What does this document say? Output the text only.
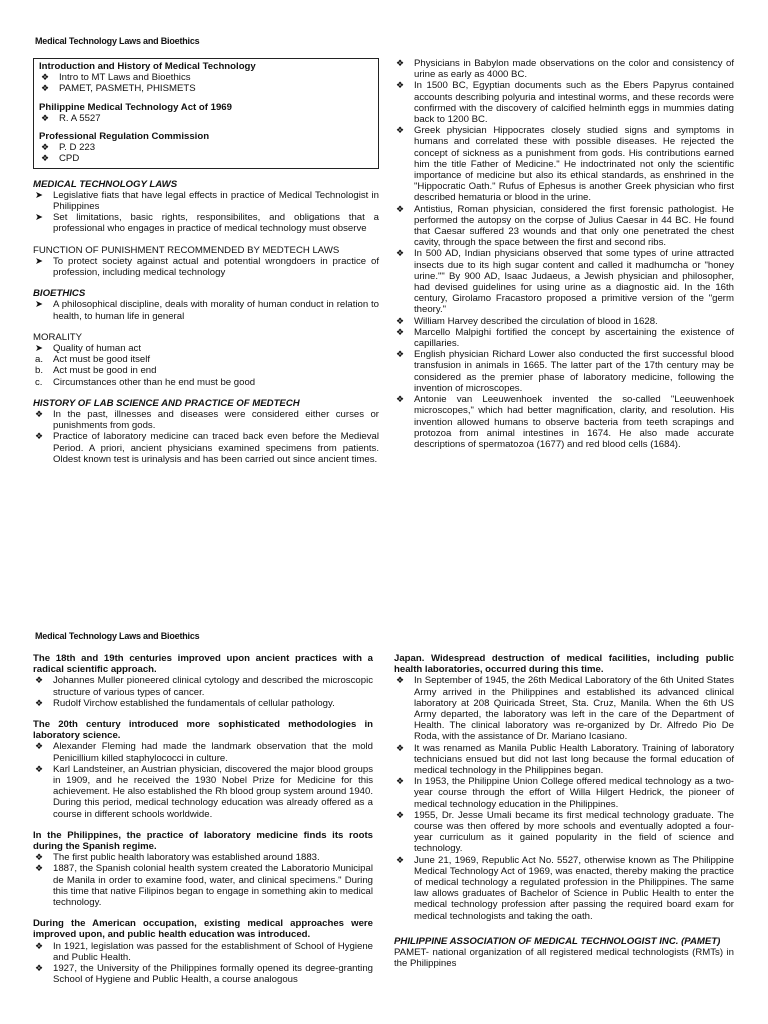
Medical Technology Laws and Bioethics
Introduction and History of Medical Technology
❖	Intro to MT Laws and Bioethics
❖	PAMET, PASMETH, PHISMETS
Philippine Medical Technology Act of 1969
❖	R. A 5527
Professional Regulation Commission
❖	P. D 223
❖	CPD
MEDICAL TECHNOLOGY LAWS
➤	Legislative fiats that have legal effects in practice of Medical Technologist in Philippines
➤	Set limitations, basic rights, responsibilites, and obligations that a professional who engages in practice of medical technology must observe
FUNCTION OF PUNISHMENT RECOMMENDED BY MEDTECH LAWS
➤	To protect society against actual and potential wrongdoers in practice of profession, including medical technology
BIOETHICS
➤	A philosophical discipline, deals with morality of human conduct in relation to health, to human life in general
MORALITY
➤	Quality of human act
a.	Act must be good itself
b.	Act must be good in end
c.	Circumstances other than he end must be good
HISTORY OF LAB SCIENCE AND PRACTICE OF MEDTECH
❖	In the past, illnesses and diseases were considered either curses or punishments from gods.
❖	Practice of laboratory medicine can traced back even before the Medieval Period. A priori, ancient physicians examined specimens from patients. Oldest known test is urinalysis and has been carried out since ancient times.
❖	Physicians in Babylon made observations on the color and consistency of urine as early as 4000 BC.
❖	In 1500 BC, Egyptian documents such as the Ebers Papyrus contained accounts describing polyuria and intestinal worms, and these records were confirmed with the discovery of calcified helminth eggs in mummies dating back to 1200 BC.
❖	Greek physician Hippocrates closely studied signs and symptoms in humans and correlated these with possible diseases. He rejected the concept of sickness as a punishment from gods. His contributions earned him the title Father of Medicine." He indoctrinated not only the scientific importance of medicine but also its ethical standards, as enshrined in the "Hippocratic Oath." Rufus of Ephesus is another Greek physician who first described hematuria or blood in the urine.
❖	Antistius, Roman physician, considered the first forensic pathologist. He performed the autopsy on the corpse of Julius Caesar in 44 BC. He found that Caesar suffered 23 wounds and that only one penetrated the chest cavity, through the space between the first and second ribs.
❖	In 500 AD, Indian physicians observed that some types of urine attracted insects due to its high sugar content and called it madhumcha or "honey urine."" By 900 AD, Isaac Judaeus, a Jewish physician and philosopher, had devised guidelines for using urine as a diagnostic aid. In the 16th century, Girolamo Fracastoro proposed a primitive version of the "germ theory."
❖	William Harvey described the circulation of blood in 1628.
❖	Marcello Malpighi fortified the concept by ascertaining the existence of capillaries.
❖	English physician Richard Lower also conducted the first successful blood transfusion in animals in 1665. The latter part of the 17th century may be considered as the premier phase of laboratory medicine, following the invention of microscopes.
❖	Antonie van Leeuwenhoek invented the so-called "Leeuwenhoek microscopes," which had better magnification, clarity, and resolution. His invention allowed humans to observe bacteria from teeth scrapings and protozoa from animal intestines in 1674. He also made accurate descriptions of spermatozoa (1677) and red blood cells (1684).
Medical Technology Laws and Bioethics
The 18th and 19th centuries improved upon ancient practices with a radical scientific approach.
❖	Johannes Muller pioneered clinical cytology and described the microscopic structure of various types of cancer.
❖	Rudolf Virchow established the fundamentals of cellular pathology.
The 20th century introduced more sophisticated methodologies in laboratory science.
❖	Alexander Fleming had made the landmark observation that the mold Penicillium killed staphylococci in culture.
❖	Karl Landsteiner, an Austrian physician, discovered the major blood groups in 1909, and he received the 1930 Nobel Prize for Medicine for this achievement. He also established the Rh blood group system around 1940. During this period, medical technology education was already offered as a course in different schools worldwide.
In the Philippines, the practice of laboratory medicine finds its roots during the Spanish regime.
❖	The first public health laboratory was established around 1883.
❖	1887, the Spanish colonial health system created the Laboratorio Municipal de Manila in order to examine food, water, and clinical specimens." During this time that native Filipinos began to engage in something akin to medical technology.
During the American occupation, existing medical approaches were improved upon, and public health education was introduced.
❖	In 1921, legislation was passed for the establishment of School of Hygiene and Public Health.
❖	1927, the University of the Philippines formally opened its degree-granting School of Hygiene and Public Health, a course analogous
Japan. Widespread destruction of medical facilities, including public health laboratories, occurred during this time.
❖	In September of 1945, the 26th Medical Laboratory of the 6th United States Army arrived in the Philippines and established its advanced clinical laboratory at 208 Quiricada Street, Sta. Cruz, Manila. When the 6th US Army departed, the laboratory was left in the care of the Department of Health. The clinical laboratory was re-organized by Dr. Alfredo Pio De Roda, with the assistance of Dr. Mariano Icasiano.
❖	It was renamed as Manila Public Health Laboratory. Training of laboratory technicians ensued but did not last long because the formal education of medical technology in the Philippines began.
❖	In 1953, the Philippine Union College offered medical technology as a two-year course through the effort of Willa Hilgert Hedrick, the pioneer of medical technology education in the Philippines.
❖	1955, Dr. Jesse Umali became its first medical technology graduate. The course was then offered by more schools and eventually adopted a four-year curriculum as it gained popularity in the field of science and technology.
❖	June 21, 1969, Republic Act No. 5527, otherwise known as The Philippine Medical Technology Act of 1969, was enacted, thereby making the practice of medical technology a regulated profession in the Philippines. The same law allows graduates of Bachelor of Science in Public Health to enter the medical technology profession after passing the required board exam for medical technologists and taking the oath.
PHILIPPINE ASSOCIATION OF MEDICAL TECHNOLOGIST INC. (PAMET)
PAMET- national organization of all registered medical technologists (RMTs) in the Philippines
